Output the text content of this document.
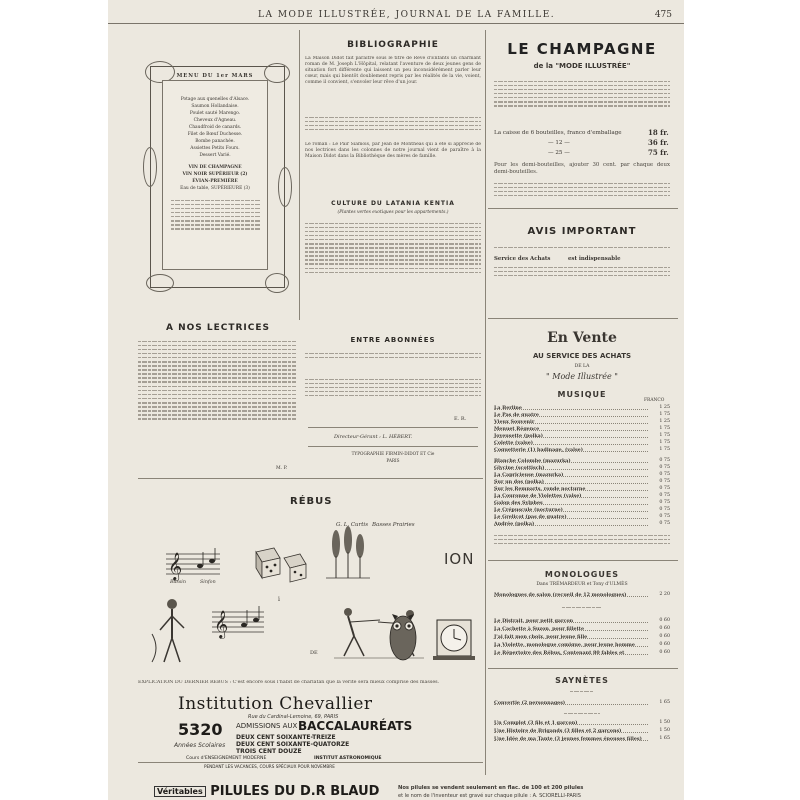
LA MODE ILLUSTRÉE, JOURNAL DE LA FAMILLE.	475
MENU DU 1er MARS
Potage aux quenelles d'Alsace.
Saumon Hollandaise.
Poulet sauté Marengo.
Cheveux d'Agneau.
Chaudfroid de canards.
Filet de Bœuf Duchesse.
Bombe panachée.
Assiettes Petits Fours.
Dessert Varié.
VIN DE CHAMPAGNE
VIN NOIR SUPÉRIEUR (2)
ÉVIAN-PREMIÈRE
Eau de table, SUPÉRIEURE (3)
A NOS LECTRICES
M. P.
BIBLIOGRAPHIE
La Maison Didot fait paraître sous le titre de Rêve d'Enfants un charmant roman de M. Joseph L'Hôpital, relatant l'aventure de deux jeunes gens de situation fort différente qui laissent un peu inconsidérément parler leur cœur, mais qui bientôt doublement repris par les réalités de la vie, voient, comme il convient, s'envoler leur rêve d'un jour.
Le roman : Le Pair Siamois, par Jean de Monthéas qui a été si apprécié de nos lectrices dans les colonnes de notre journal vient de paraître à la Maison Didot dans la Bibliothèque des mères de famille.
CULTURE DU LATANIA KENTIA
(Plantes vertes exotiques pour les appartements.)
ENTRE ABONNÉES
E. R.
Directeur-Gérant : L. HÉBERT.
TYPOGRAPHIE FIRMIN-DIDOT ET Cie
PARIS
RÉBUS
𝄞
G. L. Curtis Basses Prairies
ION
Bassin	Sinfon
𝄞
i
DE
EXPLICATION DU DERNIER RÉBUS : C'est encore sous l'habit de charlatan que la vérité sera mieux comprise des masses.
Institution Chevallier
Rue du Cardinal-Lemoine, 69, PARIS
5320 ADMISSIONS AUX BACCALAURÉATS
Années Scolaires
DEUX CENT SOIXANTE-TREIZE
DEUX CENT SOIXANTE-QUATORZE
TROIS CENT DOUZE
Cours d'ENSEIGNEMENT MODERNE	INSTITUT ASTRONOMIQUE
PENDANT LES VACANCES, COURS SPÉCIAUX POUR NOVEMBRE
Véritables PILULES DU D.R BLAUD	Nos pilules se vendent seulement en flac. de 100 et 200 pilules
et le nom de l'inventeur est gravé sur chaque pilule : A. SCIORELLI-PARIS
LE CHAMPAGNE
de la "MODE ILLUSTRÉE"
La caisse de 6 bouteilles, franco d'emballage	18 fr.
— 12 —	36 fr.
— 25 —	75 fr.
Pour les demi-bouteilles, ajouter 30 cent. par chaque deux demi-bouteilles.
AVIS IMPORTANT
Service des Achats	est indispensable
En Vente
AU SERVICE DES ACHATS
DE LA
" Mode Illustrée "
MUSIQUE
FRANCO
La Berline	1 25
Le Pas de quatre	1 75
Vieux Souvenir	1 25
Menuet Régence	1 75
Joyeusette (polka)	1 75
Colette (valse)	1 75
Coquetterie (1) badinage, (valse)	1 75
Blanche Colombe (mazurka)	0 75
Glycine (scottisch)	0 75
La Capricieuse (mazurka)	0 75
Sur un dos (polka)	0 75
Sur les Remparts, ronde nocturne	0 75
La Couronne de Violettes (valse)	0 75
Galop des Sylphes	0 75
Le Crépuscule (nocturne)	0 75
Le Grelicot (pas de quatre)	0 75
Andrée (polka)	0 75
MONOLOGUES
Dans TRÉMARDEUR et Tony d'ULMÈS
Monologues de salon (recueil de 12 monologues)	2 20
Le Distrait, pour petit garçon	0 60
La Cachette à Suzon, pour fillette	0 60
J'ai fait mon choix, pour jeune fille	0 60
La Violette, monologue comique, pour jeune homme	0 60
Le Répertoire des Rébus, Contenant 80 fables et	0 60
SAYNÈTES
Convertie (2 personnages)	1 65
Un Complot (3 fils et 1 garçon)	1 50
Une Histoire de Brigands (3 filles et 2 garçons)	1 50
Une Idée de ma Tante (3 jeunes femmes épouses filles)	1 65
